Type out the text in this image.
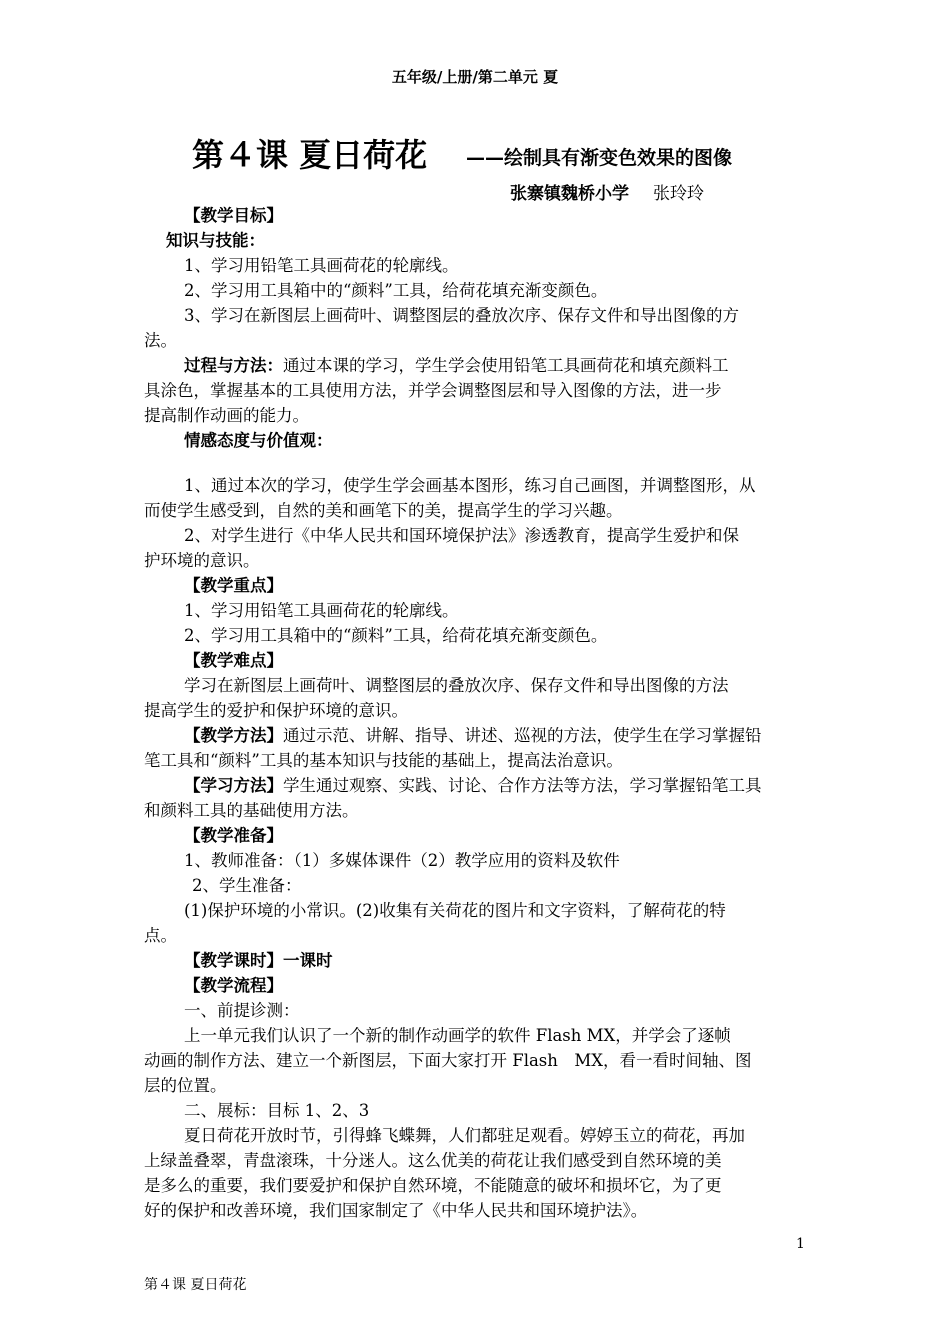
五年级/上册/第二单元 夏
第４课 夏日荷花 ——绘制具有渐变色效果的图像
张寨镇魏桥小学 张玲玲
【教学目标】
知识与技能：
1、学习用铅笔工具画荷花的轮廓线。
2、学习用工具箱中的“颜料”工具，给荷花填充渐变颜色。
3、学习在新图层上画荷叶、调整图层的叠放次序、保存文件和导出图像的方
法。
过程与方法：通过本课的学习，学生学会使用铅笔工具画荷花和填充颜料工
具涂色，掌握基本的工具使用方法，并学会调整图层和导入图像的方法，进一步
提高制作动画的能力。
情感态度与价值观：
1、通过本次的学习，使学生学会画基本图形，练习自己画图，并调整图形，从
而使学生感受到，自然的美和画笔下的美，提高学生的学习兴趣。
2、对学生进行《中华人民共和国环境保护法》渗透教育，提高学生爱护和保
护环境的意识。
【教学重点】
1、学习用铅笔工具画荷花的轮廓线。
2、学习用工具箱中的“颜料”工具，给荷花填充渐变颜色。
【教学难点】
学习在新图层上画荷叶、调整图层的叠放次序、保存文件和导出图像的方法
提高学生的爱护和保护环境的意识。
【教学方法】通过示范、讲解、指导、讲述、巡视的方法，使学生在学习掌握铅
笔工具和“颜料”工具的基本知识与技能的基础上，提高法治意识。
【学习方法】学生通过观察、实践、讨论、合作方法等方法，学习掌握铅笔工具
和颜料工具的基础使用方法。
【教学准备】
1、教师准备：（1）多媒体课件（2）教学应用的资料及软件
2、学生准备：
(1)保护环境的小常识。(2)收集有关荷花的图片和文字资料，了解荷花的特
点。
【教学课时】一课时
【教学流程】
一、前提诊测：
上一单元我们认识了一个新的制作动画学的软件 Flash MX，并学会了逐帧
动画的制作方法、建立一个新图层，下面大家打开 Flash　MX，看一看时间轴、图
层的位置。
二、展标：目标 1、2、3
夏日荷花开放时节，引得蜂飞蝶舞，人们都驻足观看。婷婷玉立的荷花，再加
上绿盖叠翠，青盘滚珠，十分迷人。这么优美的荷花让我们感受到自然环境的美
是多么的重要，我们要爱护和保护自然环境，不能随意的破坏和损坏它，为了更
好的保护和改善环境，我们国家制定了《中华人民共和国环境护法》。
1
第４课 夏日荷花
